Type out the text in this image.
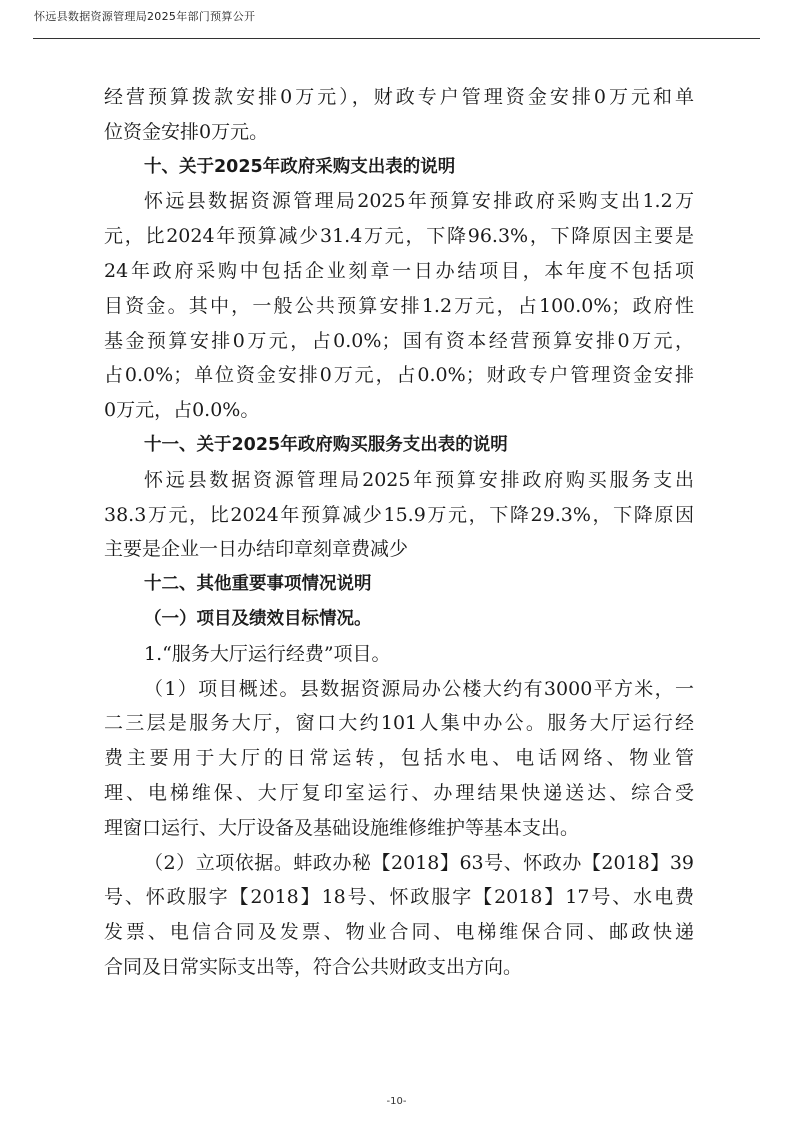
怀远县数据资源管理局2025年部门预算公开
经营预算拨款安排0万元），财政专户管理资金安排0万元和单
位资金安排0万元。
十、关于2025年政府采购支出表的说明
怀远县数据资源管理局2025年预算安排政府采购支出1.2万
元，比2024年预算减少31.4万元，下降96.3%，下降原因主要是
24年政府采购中包括企业刻章一日办结项目，本年度不包括项
目资金。其中，一般公共预算安排1.2万元，占100.0%；政府性
基金预算安排0万元，占0.0%；国有资本经营预算安排0万元，
占0.0%；单位资金安排0万元，占0.0%；财政专户管理资金安排
0万元，占0.0%。
十一、关于2025年政府购买服务支出表的说明
怀远县数据资源管理局2025年预算安排政府购买服务支出
38.3万元，比2024年预算减少15.9万元，下降29.3%，下降原因
主要是企业一日办结印章刻章费减少
十二、其他重要事项情况说明
（一）项目及绩效目标情况。
1.“服务大厅运行经费”项目。
（1）项目概述。县数据资源局办公楼大约有3000平方米，一
二三层是服务大厅，窗口大约101人集中办公。服务大厅运行经
费主要用于大厅的日常运转，包括水电、电话网络、物业管
理、电梯维保、大厅复印室运行、办理结果快递送达、综合受
理窗口运行、大厅设备及基础设施维修维护等基本支出。
（2）立项依据。蚌政办秘【2018】63号、怀政办【2018】39
号、怀政服字【2018】18号、怀政服字【2018】17号、水电费
发票、电信合同及发票、物业合同、电梯维保合同、邮政快递
合同及日常实际支出等，符合公共财政支出方向。
-10-
